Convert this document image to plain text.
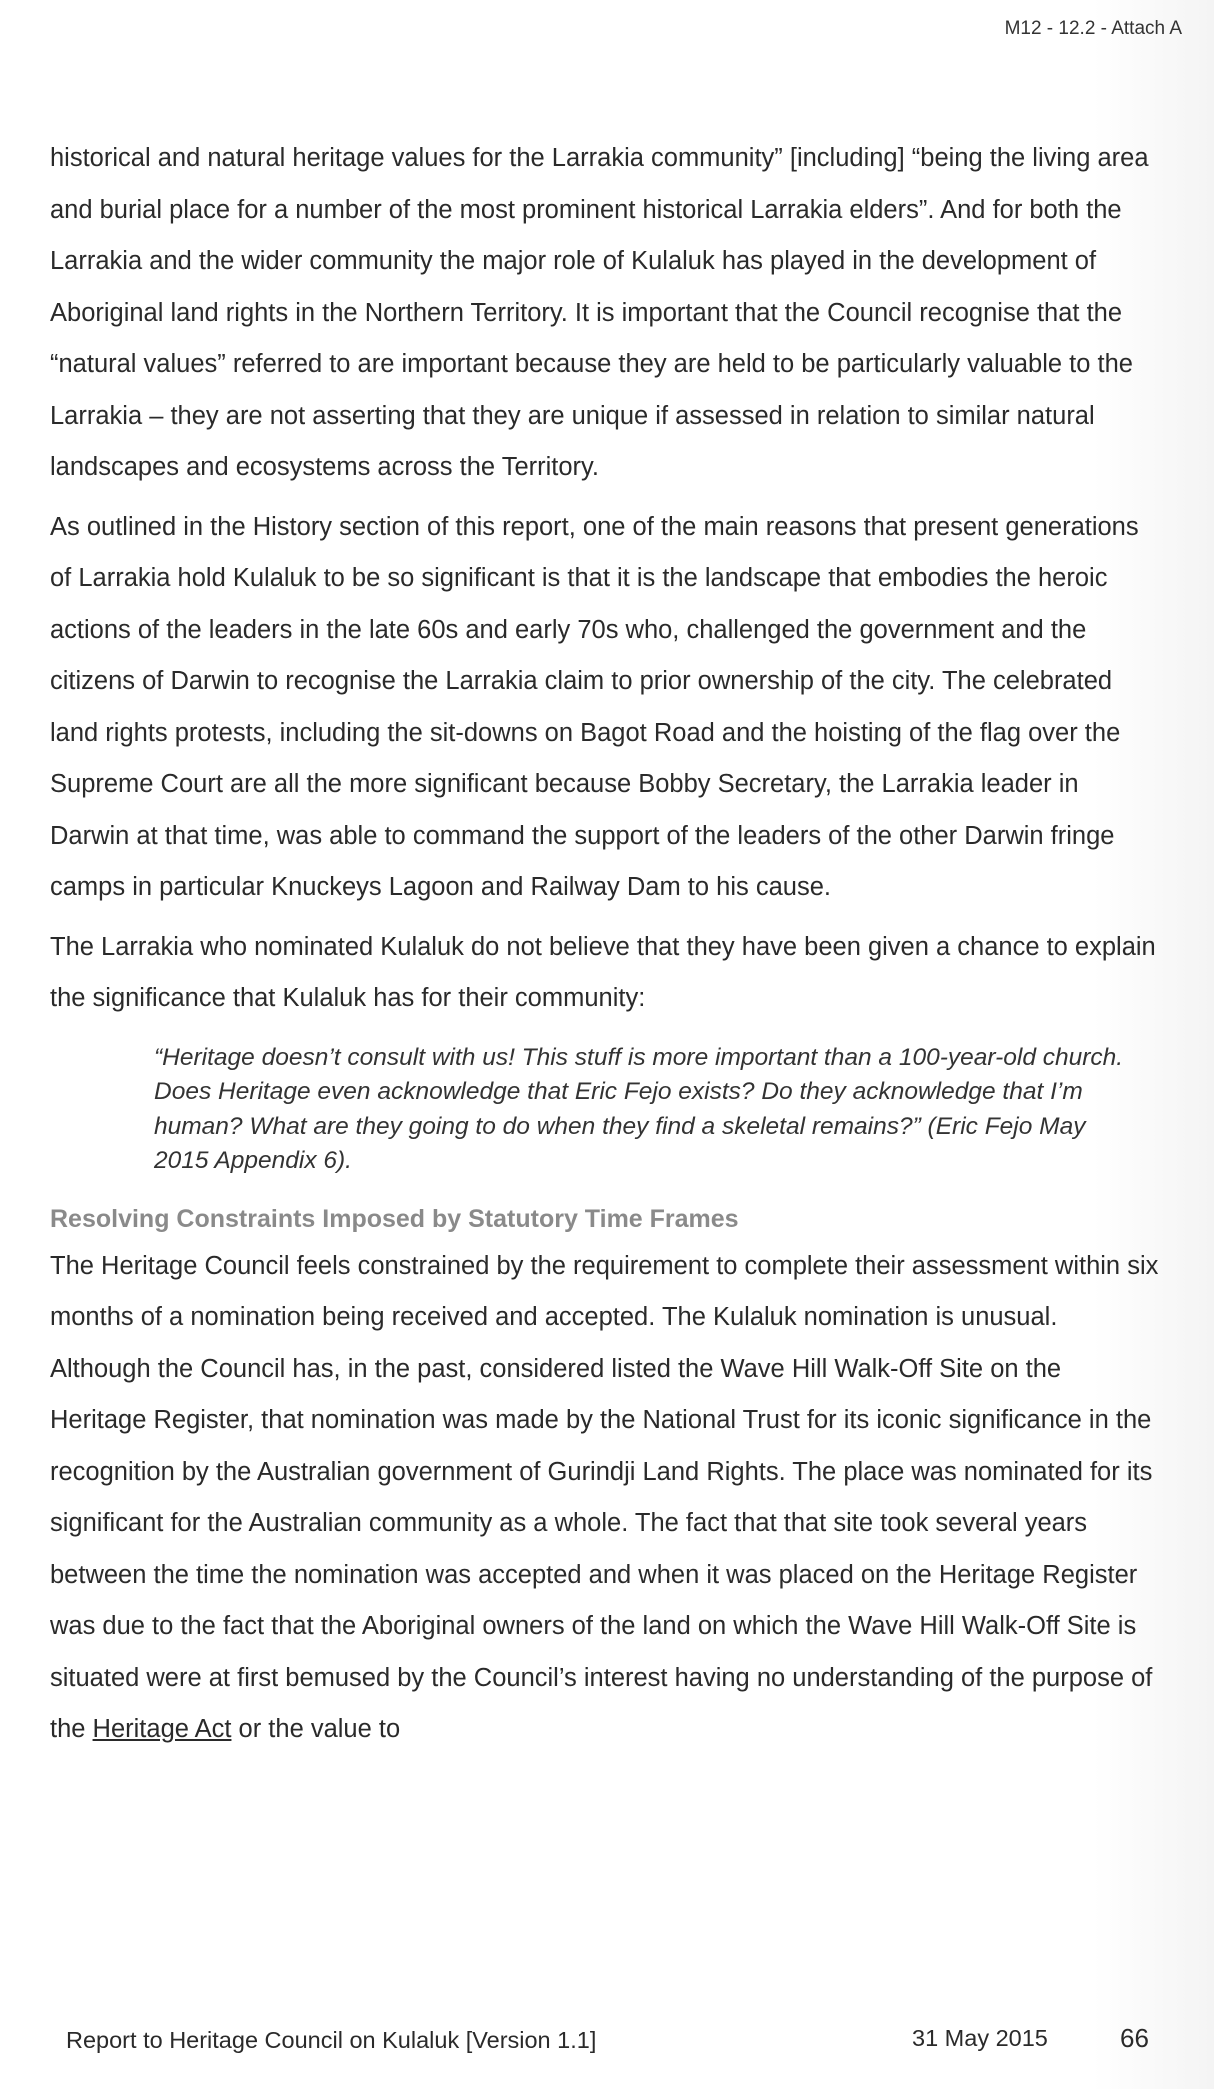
M12 - 12.2 - Attach A

historical and natural heritage values for the Larrakia community” [including] “being the living area and burial place for a number of the most prominent historical Larrakia elders”. And for both the Larrakia and the wider community the major role of Kulaluk has played in the development of Aboriginal land rights in the Northern Territory. It is important that the Council recognise that the “natural values” referred to are important because they are held to be particularly valuable to the Larrakia – they are not asserting that they are unique if assessed in relation to similar natural landscapes and ecosystems across the Territory.

As outlined in the History section of this report, one of the main reasons that present generations of Larrakia hold Kulaluk to be so significant is that it is the landscape that embodies the heroic actions of the leaders in the late 60s and early 70s who, challenged the government and the citizens of Darwin to recognise the Larrakia claim to prior ownership of the city. The celebrated land rights protests, including the sit-downs on Bagot Road and the hoisting of the flag over the Supreme Court are all the more significant because Bobby Secretary, the Larrakia leader in Darwin at that time, was able to command the support of the leaders of the other Darwin fringe camps in particular Knuckeys Lagoon and Railway Dam to his cause.

The Larrakia who nominated Kulaluk do not believe that they have been given a chance to explain the significance that Kulaluk has for their community:

“Heritage doesn’t consult with us! This stuff is more important than a 100-year-old church. Does Heritage even acknowledge that Eric Fejo exists? Do they acknowledge that I’m human? What are they going to do when they find a skeletal remains?” (Eric Fejo May 2015 Appendix 6).

Resolving Constraints Imposed by Statutory Time Frames

The Heritage Council feels constrained by the requirement to complete their assessment within six months of a nomination being received and accepted. The Kulaluk nomination is unusual. Although the Council has, in the past, considered listed the Wave Hill Walk-Off Site on the Heritage Register, that nomination was made by the National Trust for its iconic significance in the recognition by the Australian government of Gurindji Land Rights. The place was nominated for its significant for the Australian community as a whole. The fact that that site took several years between the time the nomination was accepted and when it was placed on the Heritage Register was due to the fact that the Aboriginal owners of the land on which the Wave Hill Walk-Off Site is situated were at first bemused by the Council’s interest having no understanding of the purpose of the Heritage Act or the value to

Report to Heritage Council on Kulaluk [Version 1.1]	31 May 2015	66
